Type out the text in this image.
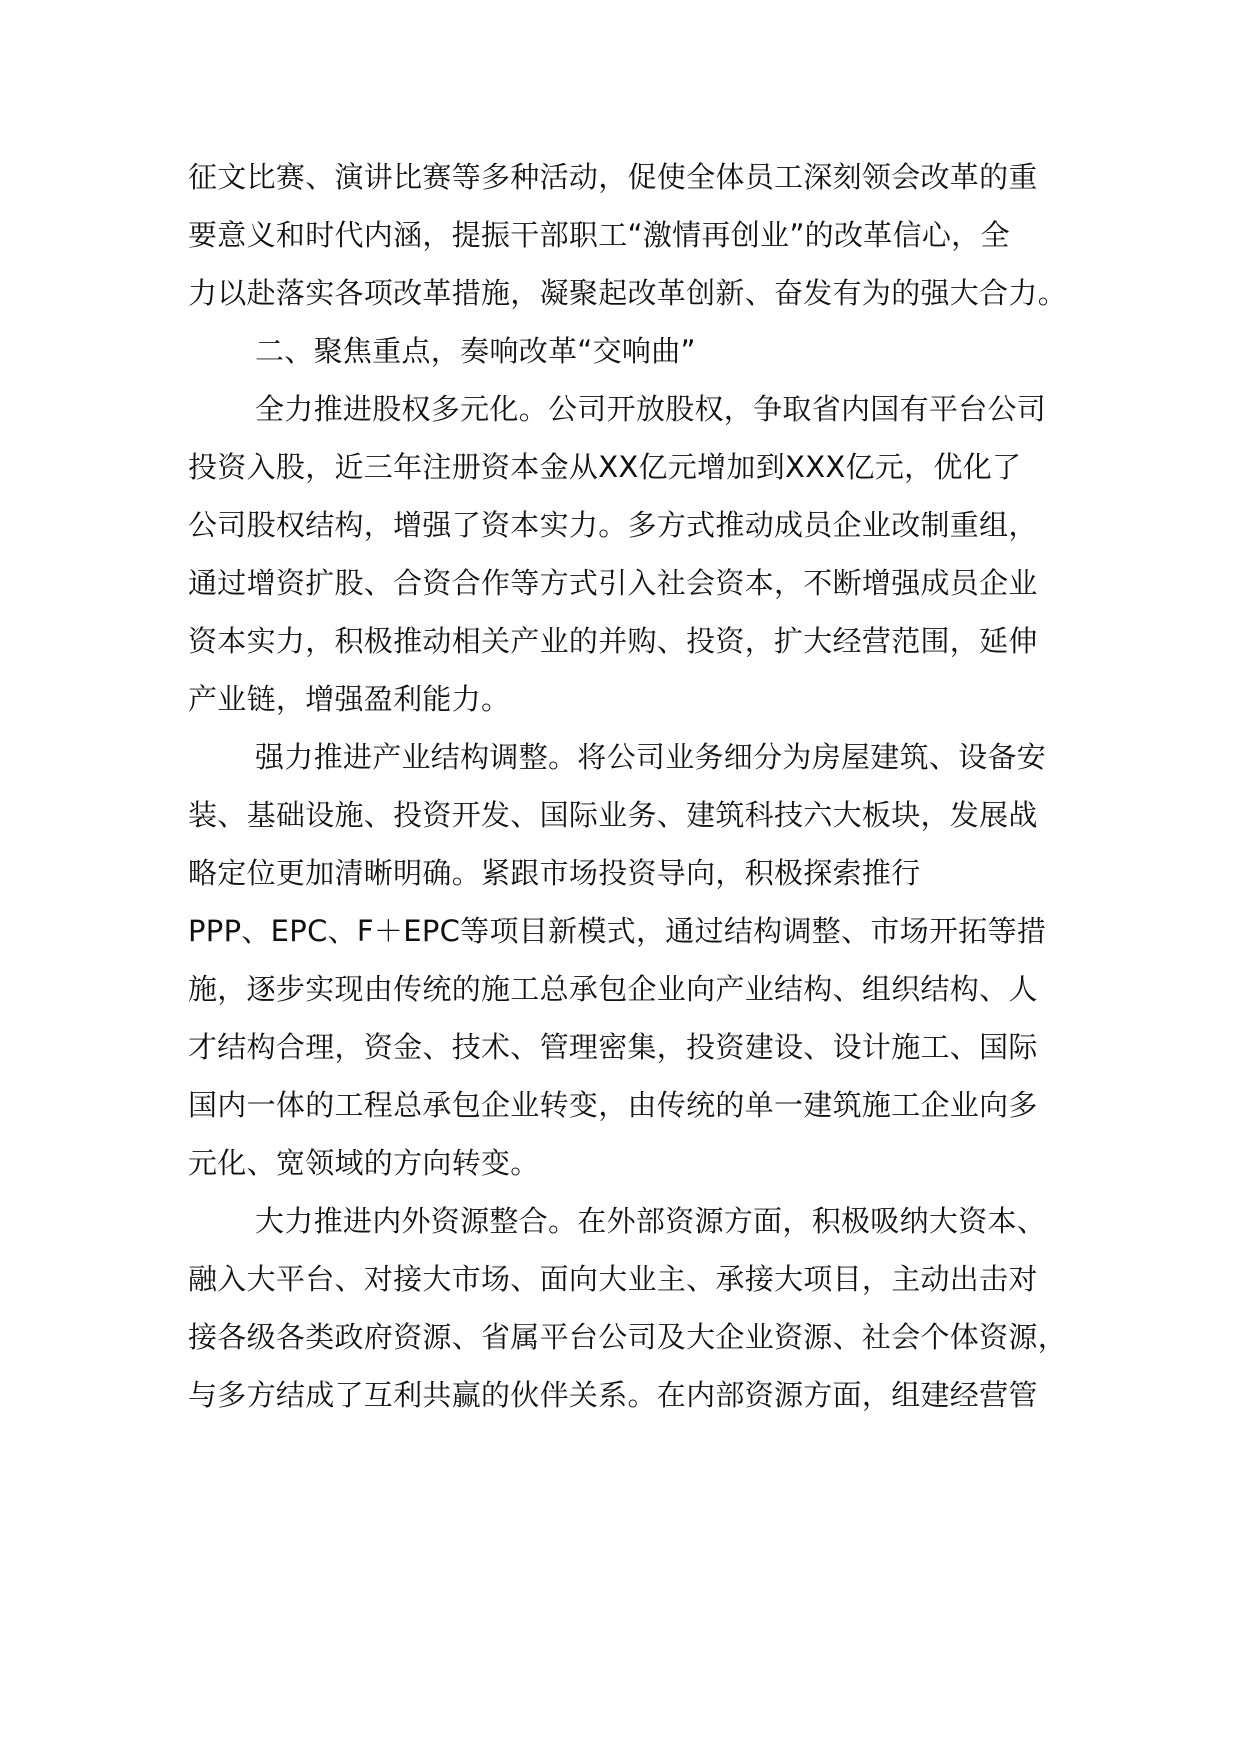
征文比赛、演讲比赛等多种活动，促使全体员工深刻领会改革的重
要意义和时代内涵，提振干部职工“激情再创业”的改革信心，全
力以赴落实各项改革措施，凝聚起改革创新、奋发有为的强大合力。
二、聚焦重点，奏响改革“交响曲”
全力推进股权多元化。公司开放股权，争取省内国有平台公司
投资入股，近三年注册资本金从XX亿元增加到XXX亿元，优化了
公司股权结构，增强了资本实力。多方式推动成员企业改制重组，
通过增资扩股、合资合作等方式引入社会资本，不断增强成员企业
资本实力，积极推动相关产业的并购、投资，扩大经营范围，延伸
产业链，增强盈利能力。
强力推进产业结构调整。将公司业务细分为房屋建筑、设备安
装、基础设施、投资开发、国际业务、建筑科技六大板块，发展战
略定位更加清晰明确。紧跟市场投资导向，积极探索推行
PPP、EPC、F＋EPC等项目新模式，通过结构调整、市场开拓等措
施，逐步实现由传统的施工总承包企业向产业结构、组织结构、人
才结构合理，资金、技术、管理密集，投资建设、设计施工、国际
国内一体的工程总承包企业转变，由传统的单一建筑施工企业向多
元化、宽领域的方向转变。
大力推进内外资源整合。在外部资源方面，积极吸纳大资本、
融入大平台、对接大市场、面向大业主、承接大项目，主动出击对
接各级各类政府资源、省属平台公司及大企业资源、社会个体资源，
与多方结成了互利共赢的伙伴关系。在内部资源方面，组建经营管
